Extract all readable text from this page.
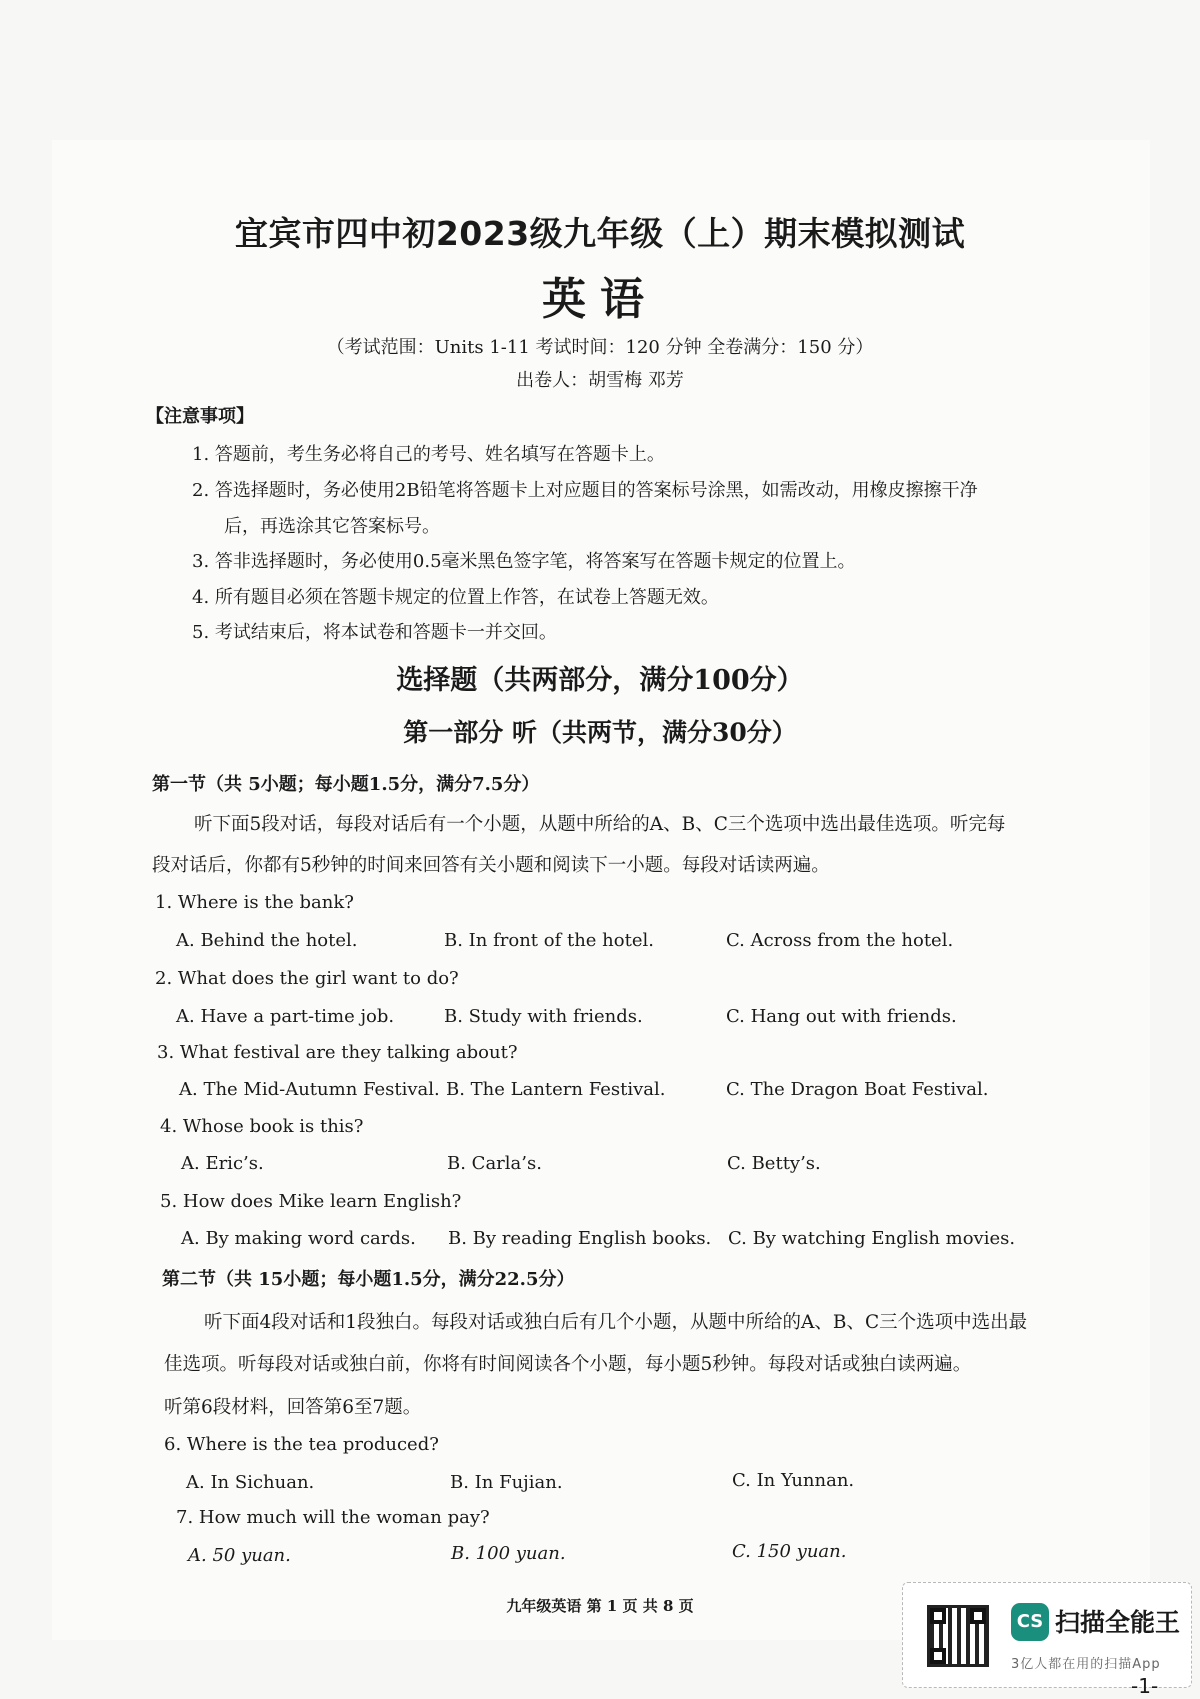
宜宾市四中初2023级九年级（上）期末模拟测试
英语
（考试范围：Units 1-11 考试时间：120 分钟 全卷满分：150 分）
出卷人：胡雪梅 邓芳
【注意事项】
1. 答题前，考生务必将自己的考号、姓名填写在答题卡上。
2. 答选择题时，务必使用2B铅笔将答题卡上对应题目的答案标号涂黑，如需改动，用橡皮擦擦干净
后，再选涂其它答案标号。
3. 答非选择题时，务必使用0.5毫米黑色签字笔，将答案写在答题卡规定的位置上。
4. 所有题目必须在答题卡规定的位置上作答，在试卷上答题无效。
5. 考试结束后，将本试卷和答题卡一并交回。
选择题（共两部分，满分100分）
第一部分 听（共两节，满分30分）
第一节（共 5小题；每小题1.5分，满分7.5分）
听下面5段对话，每段对话后有一个小题，从题中所给的A、B、C三个选项中选出最佳选项。听完每
段对话后，你都有5秒钟的时间来回答有关小题和阅读下一小题。每段对话读两遍。
1. Where is the bank?
A. Behind the hotel.	B. In front of the hotel.	C. Across from the hotel.
2. What does the girl want to do?
A. Have a part-time job.	B. Study with friends.	C. Hang out with friends.
3. What festival are they talking about?
A. The Mid-Autumn Festival. B. The Lantern Festival.	C. The Dragon Boat Festival.
4. Whose book is this?
A. Eric’s.	B. Carla’s.	C. Betty’s.
5. How does Mike learn English?
A. By making word cards. B. By reading English books. C. By watching English movies.
第二节（共 15小题；每小题1.5分，满分22.5分）
听下面4段对话和1段独白。每段对话或独白后有几个小题，从题中所给的A、B、C三个选项中选出最
佳选项。听每段对话或独白前，你将有时间阅读各个小题，每小题5秒钟。每段对话或独白读两遍。
听第6段材料，回答第6至7题。
6. Where is the tea produced?
A. In Sichuan.	B. In Fujian.	C. In Yunnan.
7. How much will the woman pay?
A. 50 yuan.	B. 100 yuan.	C. 150 yuan.
九年级英语 第 1 页 共 8 页
CS 扫描全能王
3亿人都在用的扫描App
-1-
